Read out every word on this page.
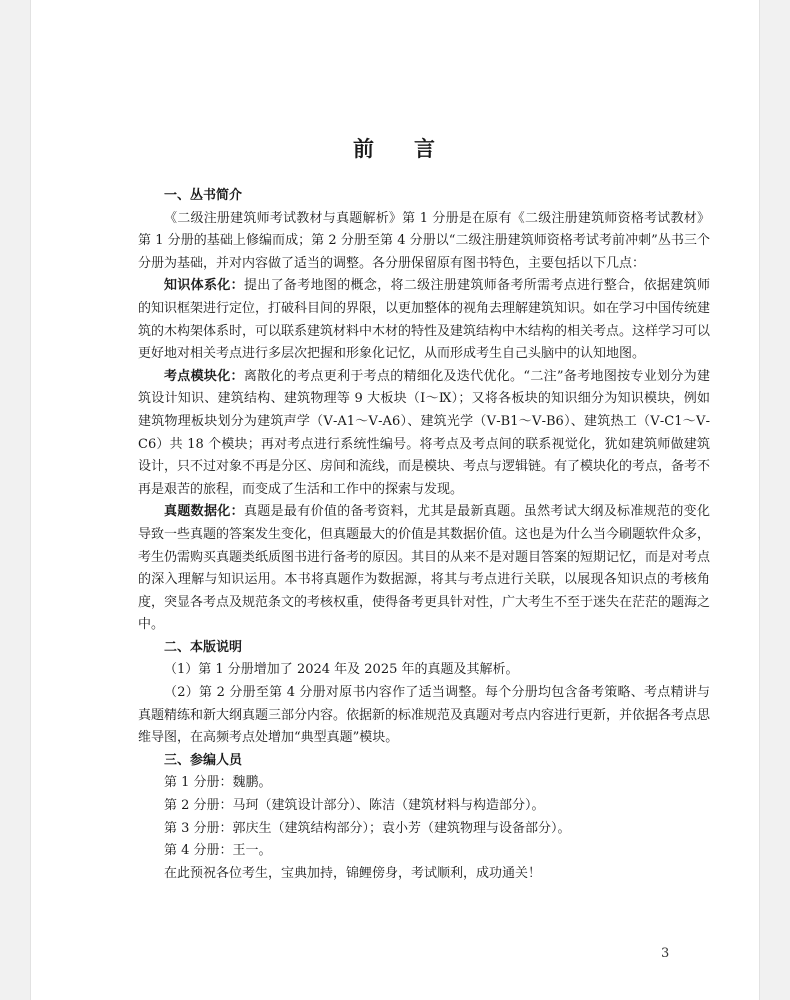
前 言
一、丛书简介

《二级注册建筑师考试教材与真题解析》第 1 分册是在原有《二级注册建筑师资格考试教材》第 1 分册的基础上修编而成；第 2 分册至第 4 分册以“二级注册建筑师资格考试考前冲刺”丛书三个分册为基础，并对内容做了适当的调整。各分册保留原有图书特色，主要包括以下几点：

知识体系化：提出了备考地图的概念，将二级注册建筑师备考所需考点进行整合，依据建筑师的知识框架进行定位，打破科目间的界限，以更加整体的视角去理解建筑知识。如在学习中国传统建筑的木构架体系时，可以联系建筑材料中木材的特性及建筑结构中木结构的相关考点。这样学习可以更好地对相关考点进行多层次把握和形象化记忆，从而形成考生自己头脑中的认知地图。

考点模块化：离散化的考点更利于考点的精细化及迭代优化。“二注”备考地图按专业划分为建筑设计知识、建筑结构、建筑物理等 9 大板块（Ⅰ～Ⅸ）；又将各板块的知识细分为知识模块，例如建筑物理板块划分为建筑声学（Ⅴ-A1～Ⅴ-A6）、建筑光学（Ⅴ-B1～Ⅴ-B6）、建筑热工（Ⅴ-C1～Ⅴ-C6）共 18 个模块；再对考点进行系统性编号。将考点及考点间的联系视觉化，犹如建筑师做建筑设计，只不过对象不再是分区、房间和流线，而是模块、考点与逻辑链。有了模块化的考点，备考不再是艰苦的旅程，而变成了生活和工作中的探索与发现。

真题数据化：真题是最有价值的备考资料，尤其是最新真题。虽然考试大纲及标准规范的变化导致一些真题的答案发生变化，但真题最大的价值是其数据价值。这也是为什么当今刷题软件众多，考生仍需购买真题类纸质图书进行备考的原因。其目的从来不是对题目答案的短期记忆，而是对考点的深入理解与知识运用。本书将真题作为数据源，将其与考点进行关联，以展现各知识点的考核角度，突显各考点及规范条文的考核权重，使得备考更具针对性，广大考生不至于迷失在茫茫的题海之中。

二、本版说明

（1）第 1 分册增加了 2024 年及 2025 年的真题及其解析。

（2）第 2 分册至第 4 分册对原书内容作了适当调整。每个分册均包含备考策略、考点精讲与真题精练和新大纲真题三部分内容。依据新的标准规范及真题对考点内容进行更新，并依据各考点思维导图，在高频考点处增加“典型真题”模块。

三、参编人员

第 1 分册：魏鹏。

第 2 分册：马珂（建筑设计部分）、陈洁（建筑材料与构造部分）。

第 3 分册：郭庆生（建筑结构部分）；袁小芳（建筑物理与设备部分）。

第 4 分册：王一。

在此预祝各位考生，宝典加持，锦鲤傍身，考试顺利，成功通关！

3
